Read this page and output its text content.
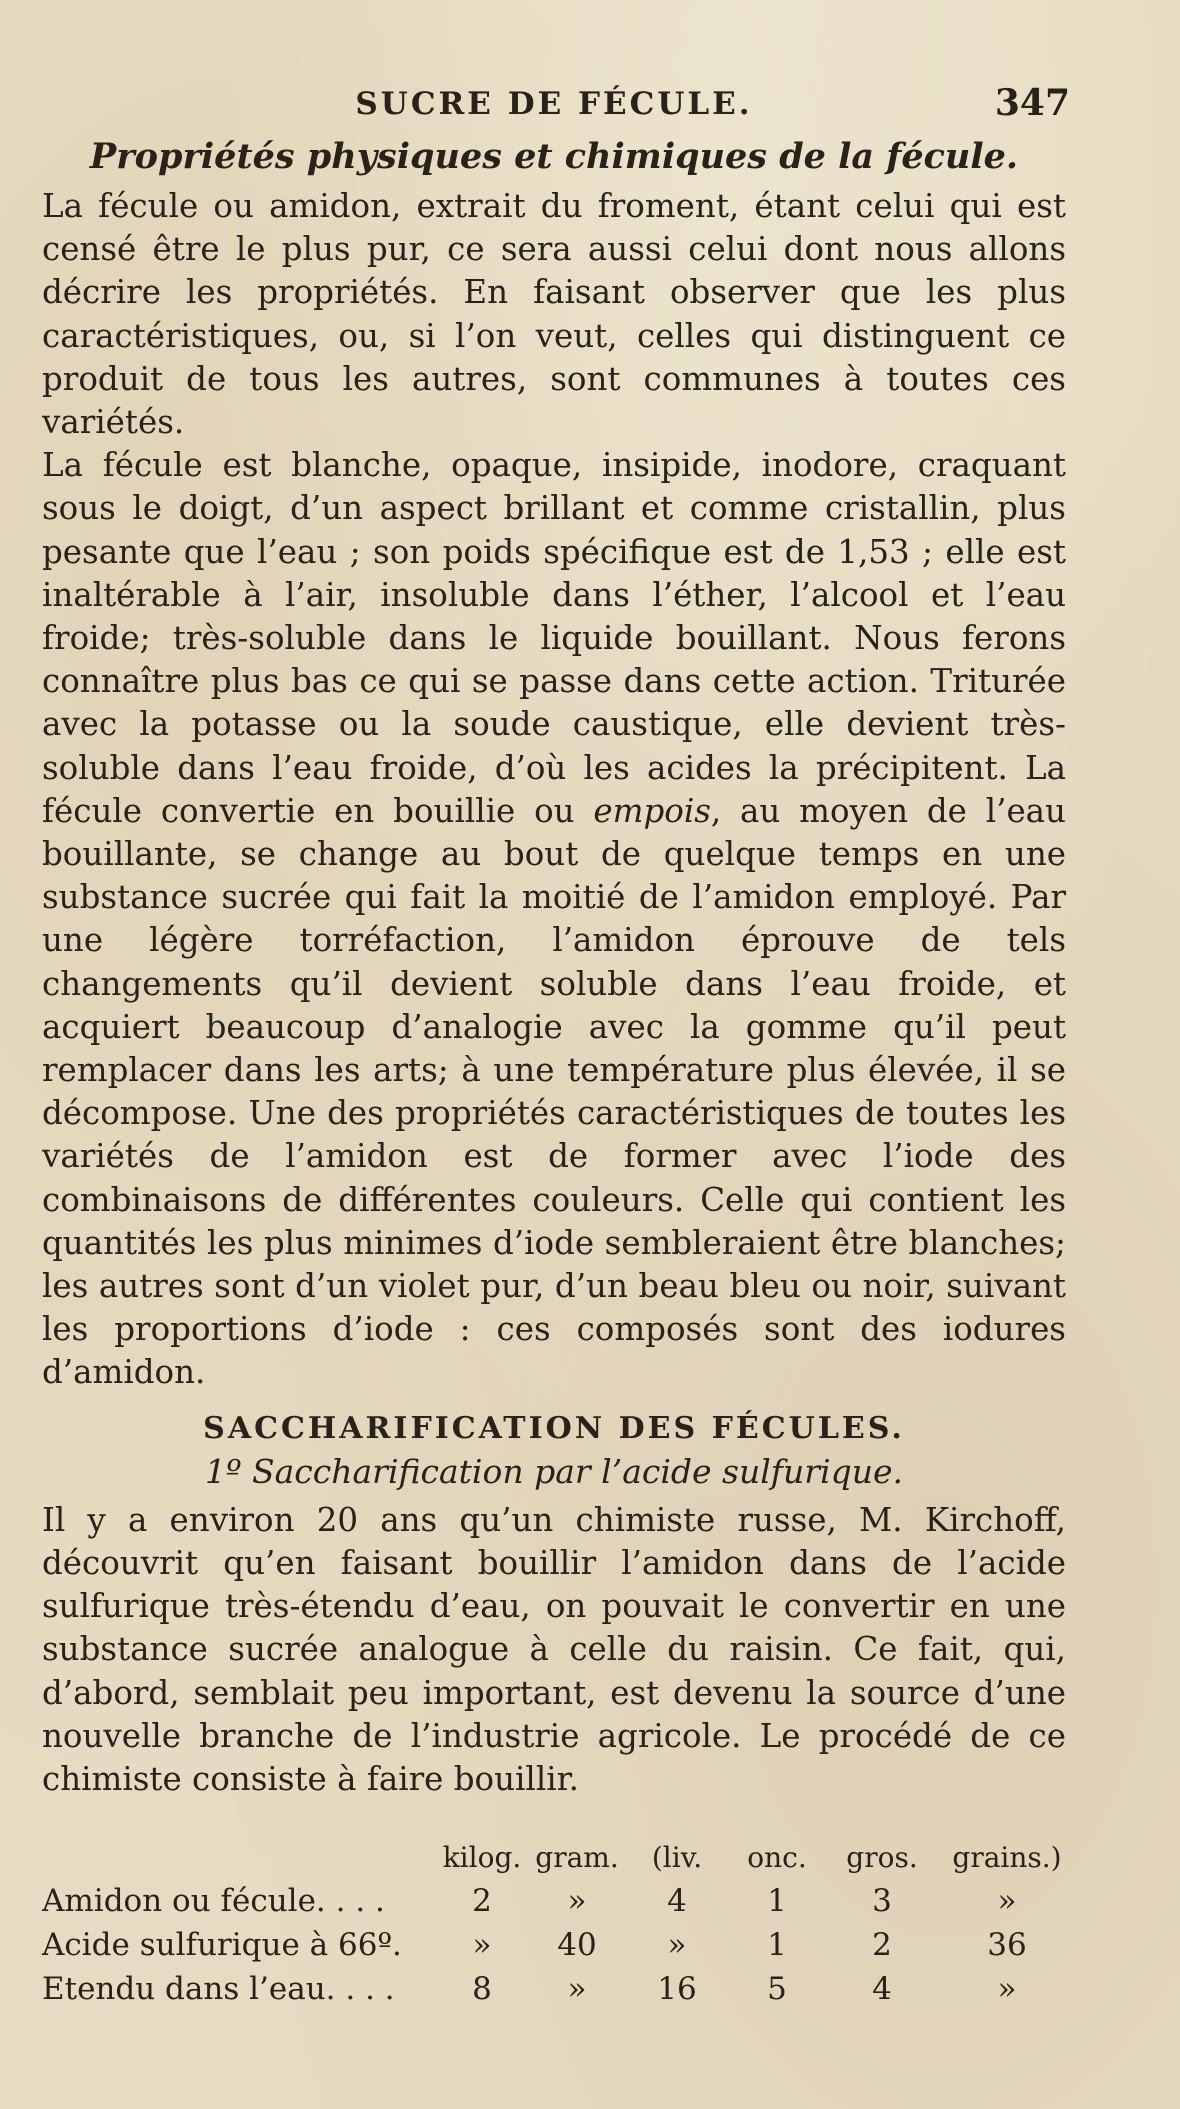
SUCRE DE FÉCULE.	347
Propriétés physiques et chimiques de la fécule.

La fécule ou amidon, extrait du froment, étant celui qui est censé être le plus pur, ce sera aussi celui dont nous allons décrire les propriétés. En faisant observer que les plus caractéristiques, ou, si l’on veut, celles qui distinguent ce produit de tous les autres, sont communes à toutes ces variétés.

La fécule est blanche, opaque, insipide, inodore, craquant sous le doigt, d’un aspect brillant et comme cristallin, plus pesante que l’eau ; son poids spécifique est de 1,53 ; elle est inaltérable à l’air, insoluble dans l’éther, l’alcool et l’eau froide; très-soluble dans le liquide bouillant. Nous ferons connaître plus bas ce qui se passe dans cette action. Triturée avec la potasse ou la soude caustique, elle devient très-soluble dans l’eau froide, d’où les acides la précipitent. La fécule convertie en bouillie ou empois, au moyen de l’eau bouillante, se change au bout de quelque temps en une substance sucrée qui fait la moitié de l’amidon employé. Par une légère torréfaction, l’amidon éprouve de tels changements qu’il devient soluble dans l’eau froide, et acquiert beaucoup d’analogie avec la gomme qu’il peut remplacer dans les arts; à une température plus élevée, il se décompose. Une des propriétés caractéristiques de toutes les variétés de l’amidon est de former avec l’iode des combinaisons de différentes couleurs. Celle qui contient les quantités les plus minimes d’iode sembleraient être blanches; les autres sont d’un violet pur, d’un beau bleu ou noir, suivant les proportions d’iode : ces composés sont des iodures d’amidon.

SACCHARIFICATION DES FÉCULES.
1º Saccharification par l’acide sulfurique.

Il y a environ 20 ans qu’un chimiste russe, M. Kirchoff, découvrit qu’en faisant bouillir l’amidon dans de l’acide sulfurique très-étendu d’eau, on pouvait le convertir en une substance sucrée analogue à celle du raisin. Ce fait, qui, d’abord, semblait peu important, est devenu la source d’une nouvelle branche de l’industrie agricole. Le procédé de ce chimiste consiste à faire bouillir.

	kilog.	gram.	(liv.	onc.	gros.	grains.)
Amidon ou fécule. . . .	2	»	4	1	3	»
Acide sulfurique à 66º.	»	40	»	1	2	36
Etendu dans l’eau. . . .	8	»	16	5	4	»
